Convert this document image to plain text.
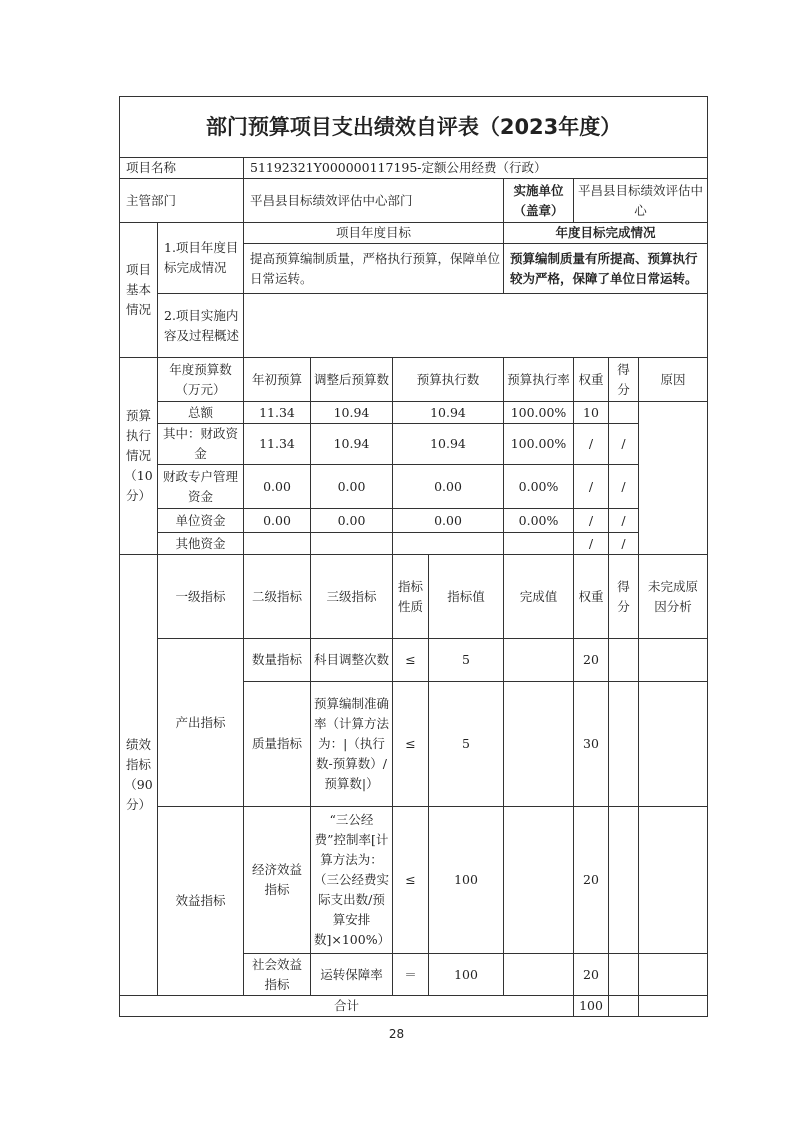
部门预算项目支出绩效自评表（2023年度）									
项目名称		51192321Y000000117195-定额公用经费（行政）							
主管部门		平昌县目标绩效评估中心部门				实施单位（盖章）	平昌县目标绩效评估中心		
项目基本情况	1.项目年度目标完成情况	项目年度目标				年度目标完成情况			
		提高预算编制质量，严格执行预算，保障单位日常运转。				预算编制质量有所提高、预算执行较为严格，保障了单位日常运转。			
	2.项目实施内容及过程概述								
预算执行情况（10分）	年度预算数（万元）	年初预算	调整后预算数	预算执行数		预算执行率	权重	得分	原因
	总额	11.34	10.94	10.94		100.00%	10		
	其中：财政资金	11.34	10.94	10.94		100.00%	/	/	
	财政专户管理资金	0.00	0.00	0.00		0.00%	/	/	
	单位资金	0.00	0.00	0.00		0.00%	/	/	
	其他资金						/	/	
绩效指标（90分）	一级指标	二级指标	三级指标	指标性质	指标值	完成值	权重	得分	未完成原因分析
	产出指标	数量指标	科目调整次数	≤	5		20		
		质量指标	预算编制准确率（计算方法为：|（执行数-预算数）/预算数|）	≤	5		30		
	效益指标	经济效益指标	“三公经费”控制率[计算方法为：（三公经费实际支出数/预算安排数]×100%）	≤	100		20		
		社会效益指标	运转保障率	＝	100		20		
合计							100		
28
